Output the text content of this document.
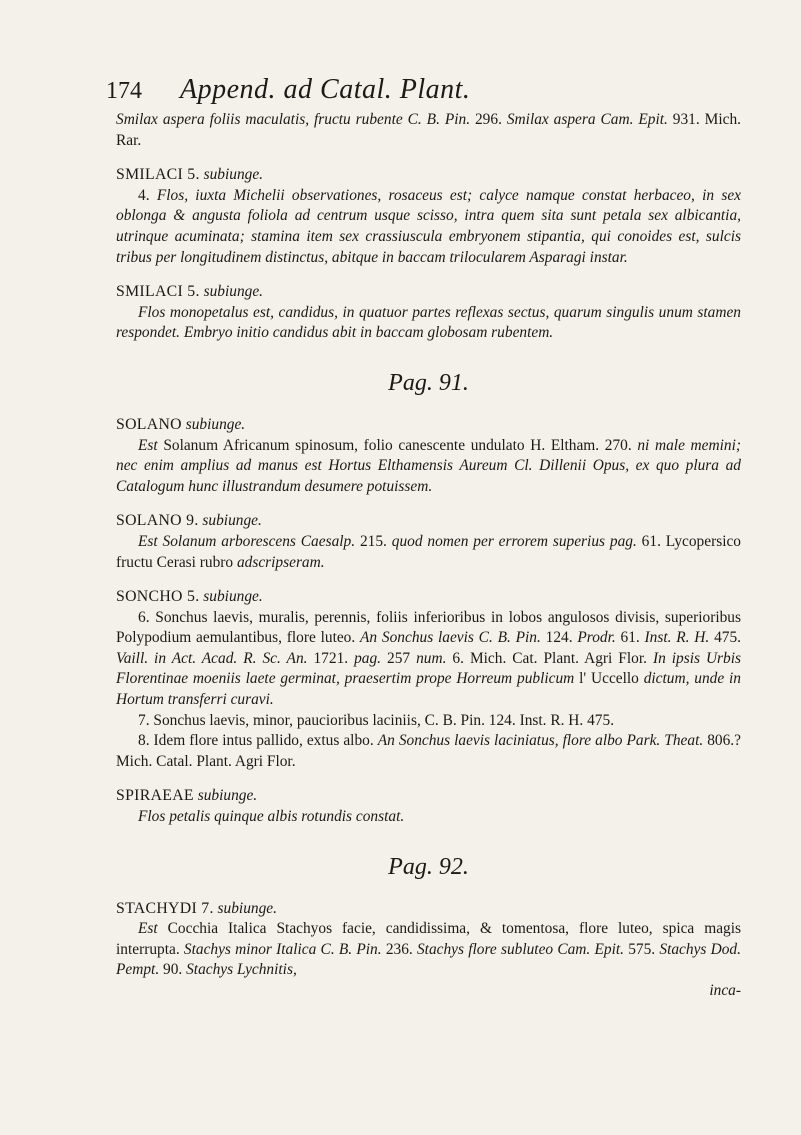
174 Append. ad Catal. Plant.

Smilax aspera foliis maculatis, fructu rubente C. B. Pin. 296. Smilax aspera Cam. Epit. 931. Mich. Rar.

SMILACI 5. subiunge.

4. Flos, iuxta Michelii observationes, rosaceus est; calyce namque constat herbaceo, in sex oblonga & angusta foliola ad centrum usque scisso, intra quem sita sunt petala sex albicantia, utrinque acuminata; stamina item sex crassiuscula embryonem stipantia, qui conoides est, sulcis tribus per longitudinem distinctus, abitque in baccam trilocularem Asparagi instar.

SMILACI 5. subiunge.

Flos monopetalus est, candidus, in quatuor partes reflexas sectus, quarum singulis unum stamen respondet. Embryo initio candidus abit in baccam globosam rubentem.

Pag. 91.

SOLANO subiunge.

Est Solanum Africanum spinosum, folio canescente undulato H. Eltham. 270. ni male memini; nec enim amplius ad manus est Hortus Elthamensis Aureum Cl. Dillenii Opus, ex quo plura ad Catalogum hunc illustrandum desumere potuissem.

SOLANO 9. subiunge.

Est Solanum arborescens Caesalp. 215. quod nomen per errorem superius pag. 61. Lycopersico fructu Cerasi rubro adscripseram.

SONCHO 5. subiunge.

6. Sonchus laevis, muralis, perennis, foliis inferioribus in lobos angulosos divisis, superioribus Polypodium aemulantibus, flore luteo. An Sonchus laevis C. B. Pin. 124. Prodr. 61. Inst. R. H. 475. Vaill. in Act. Acad. R. Sc. An. 1721. pag. 257 num. 6. Mich. Cat. Plant. Agri Flor. In ipsis Urbis Florentinae moeniis laete germinat, praesertim prope Horreum publicum l' Uccello dictum, unde in Hortum transferri curavi.

7. Sonchus laevis, minor, paucioribus laciniis, C. B. Pin. 124. Inst. R. H. 475.

8. Idem flore intus pallido, extus albo. An Sonchus laevis laciniatus, flore albo Park. Theat. 806.? Mich. Catal. Plant. Agri Flor.

SPIRAEAE subiunge.

Flos petalis quinque albis rotundis constat.

Pag. 92.

STACHYDI 7. subiunge.

Est Cocchia Italica Stachyos facie, candidissima, & tomentosa, flore luteo, spica magis interrupta. Stachys minor Italica C. B. Pin. 236. Stachys flore subluteo Cam. Epit. 575. Stachys Dod. Pempt. 90. Stachys Lychnitis,

inca-
